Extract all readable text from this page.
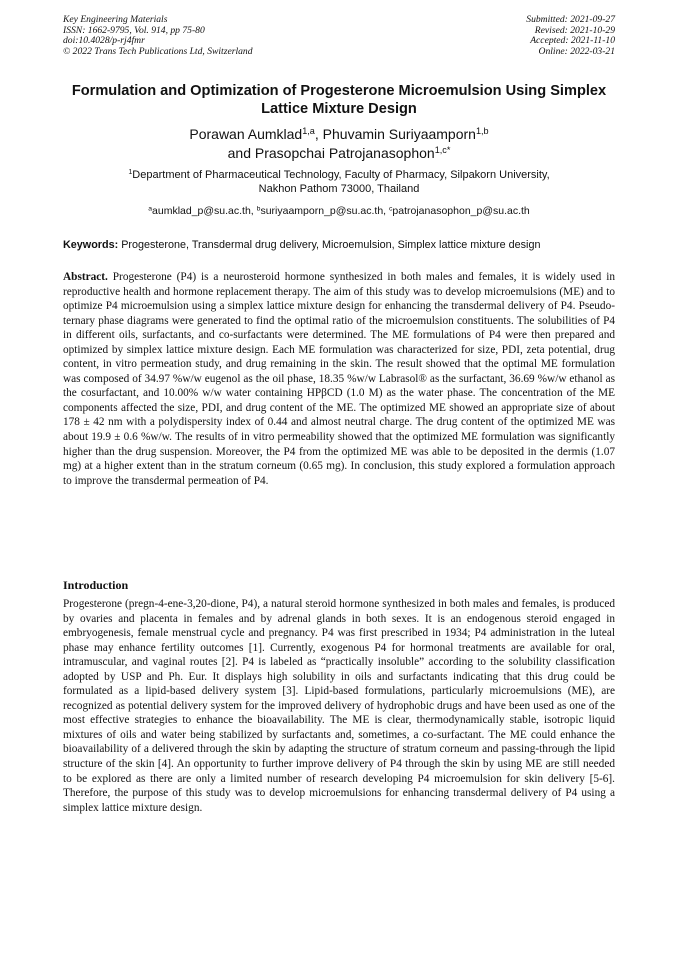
Key Engineering Materials
ISSN: 1662-9795, Vol. 914, pp 75-80
doi:10.4028/p-rj4fmr
© 2022 Trans Tech Publications Ltd, Switzerland
Submitted: 2021-09-27
Revised: 2021-10-29
Accepted: 2021-11-10
Online: 2022-03-21
Formulation and Optimization of Progesterone Microemulsion Using Simplex Lattice Mixture Design
Porawan Aumklad$^{1,a}$, Phuvamin Suriyaamporn$^{1,b}$
and Prasopchai Patrojanasophon$^{1,c*}$
$^1$Department of Pharmaceutical Technology, Faculty of Pharmacy, Silpakorn University,
Nakhon Pathom 73000, Thailand
$^a$aumklad_p@su.ac.th, $^b$suriyaamporn_p@su.ac.th, $^c$patrojanasophon_p@su.ac.th
Keywords: Progesterone, Transdermal drug delivery, Microemulsion, Simplex lattice mixture design
Abstract. Progesterone (P4) is a neurosteroid hormone synthesized in both males and females, it is widely used in reproductive health and hormone replacement therapy. The aim of this study was to develop microemulsions (ME) and to optimize P4 microemulsion using a simplex lattice mixture design for enhancing the transdermal delivery of P4. Pseudo-ternary phase diagrams were generated to find the optimal ratio of the microemulsion constituents. The solubilities of P4 in different oils, surfactants, and co-surfactants were determined. The ME formulations of P4 were then prepared and optimized by simplex lattice mixture design. Each ME formulation was characterized for size, PDI, zeta potential, drug content, in vitro permeation study, and drug remaining in the skin. The result showed that the optimal ME formulation was composed of 34.97 %w/w eugenol as the oil phase, 18.35 %w/w Labrasol® as the surfactant, 36.69 %w/w ethanol as the cosurfactant, and 10.00% w/w water containing HPβCD (1.0 M) as the water phase. The concentration of the ME components affected the size, PDI, and drug content of the ME. The optimized ME showed an appropriate size of about 178 ± 42 nm with a polydispersity index of 0.44 and almost neutral charge. The drug content of the optimized ME was about 19.9 ± 0.6 %w/w. The results of in vitro permeability showed that the optimized ME formulation was significantly higher than the drug suspension. Moreover, the P4 from the optimized ME was able to be deposited in the dermis (1.07 mg) at a higher extent than in the stratum corneum (0.65 mg). In conclusion, this study explored a formulation approach to improve the transdermal permeation of P4.
Introduction
Progesterone (pregn-4-ene-3,20-dione, P4), a natural steroid hormone synthesized in both males and females, is produced by ovaries and placenta in females and by adrenal glands in both sexes. It is an endogenous steroid engaged in embryogenesis, female menstrual cycle and pregnancy. P4 was first prescribed in 1934; P4 administration in the luteal phase may enhance fertility outcomes [1]. Currently, exogenous P4 for hormonal treatments are available for oral, intramuscular, and vaginal routes [2]. P4 is labeled as “practically insoluble” according to the solubility classification adopted by USP and Ph. Eur. It displays high solubility in oils and surfactants indicating that this drug could be formulated as a lipid-based delivery system [3]. Lipid-based formulations, particularly microemulsions (ME), are recognized as potential delivery system for the improved delivery of hydrophobic drugs and have been used as one of the most effective strategies to enhance the bioavailability. The ME is clear, thermodynamically stable, isotropic liquid mixtures of oils and water being stabilized by surfactants and, sometimes, a co-surfactant. The ME could enhance the bioavailability of a delivered through the skin by adapting the structure of stratum corneum and passing-through the lipid structure of the skin [4]. An opportunity to further improve delivery of P4 through the skin by using ME are still needed to be explored as there are only a limited number of research developing P4 microemulsion for skin delivery [5-6]. Therefore, the purpose of this study was to develop microemulsions for enhancing transdermal delivery of P4 using a simplex lattice mixture design.
